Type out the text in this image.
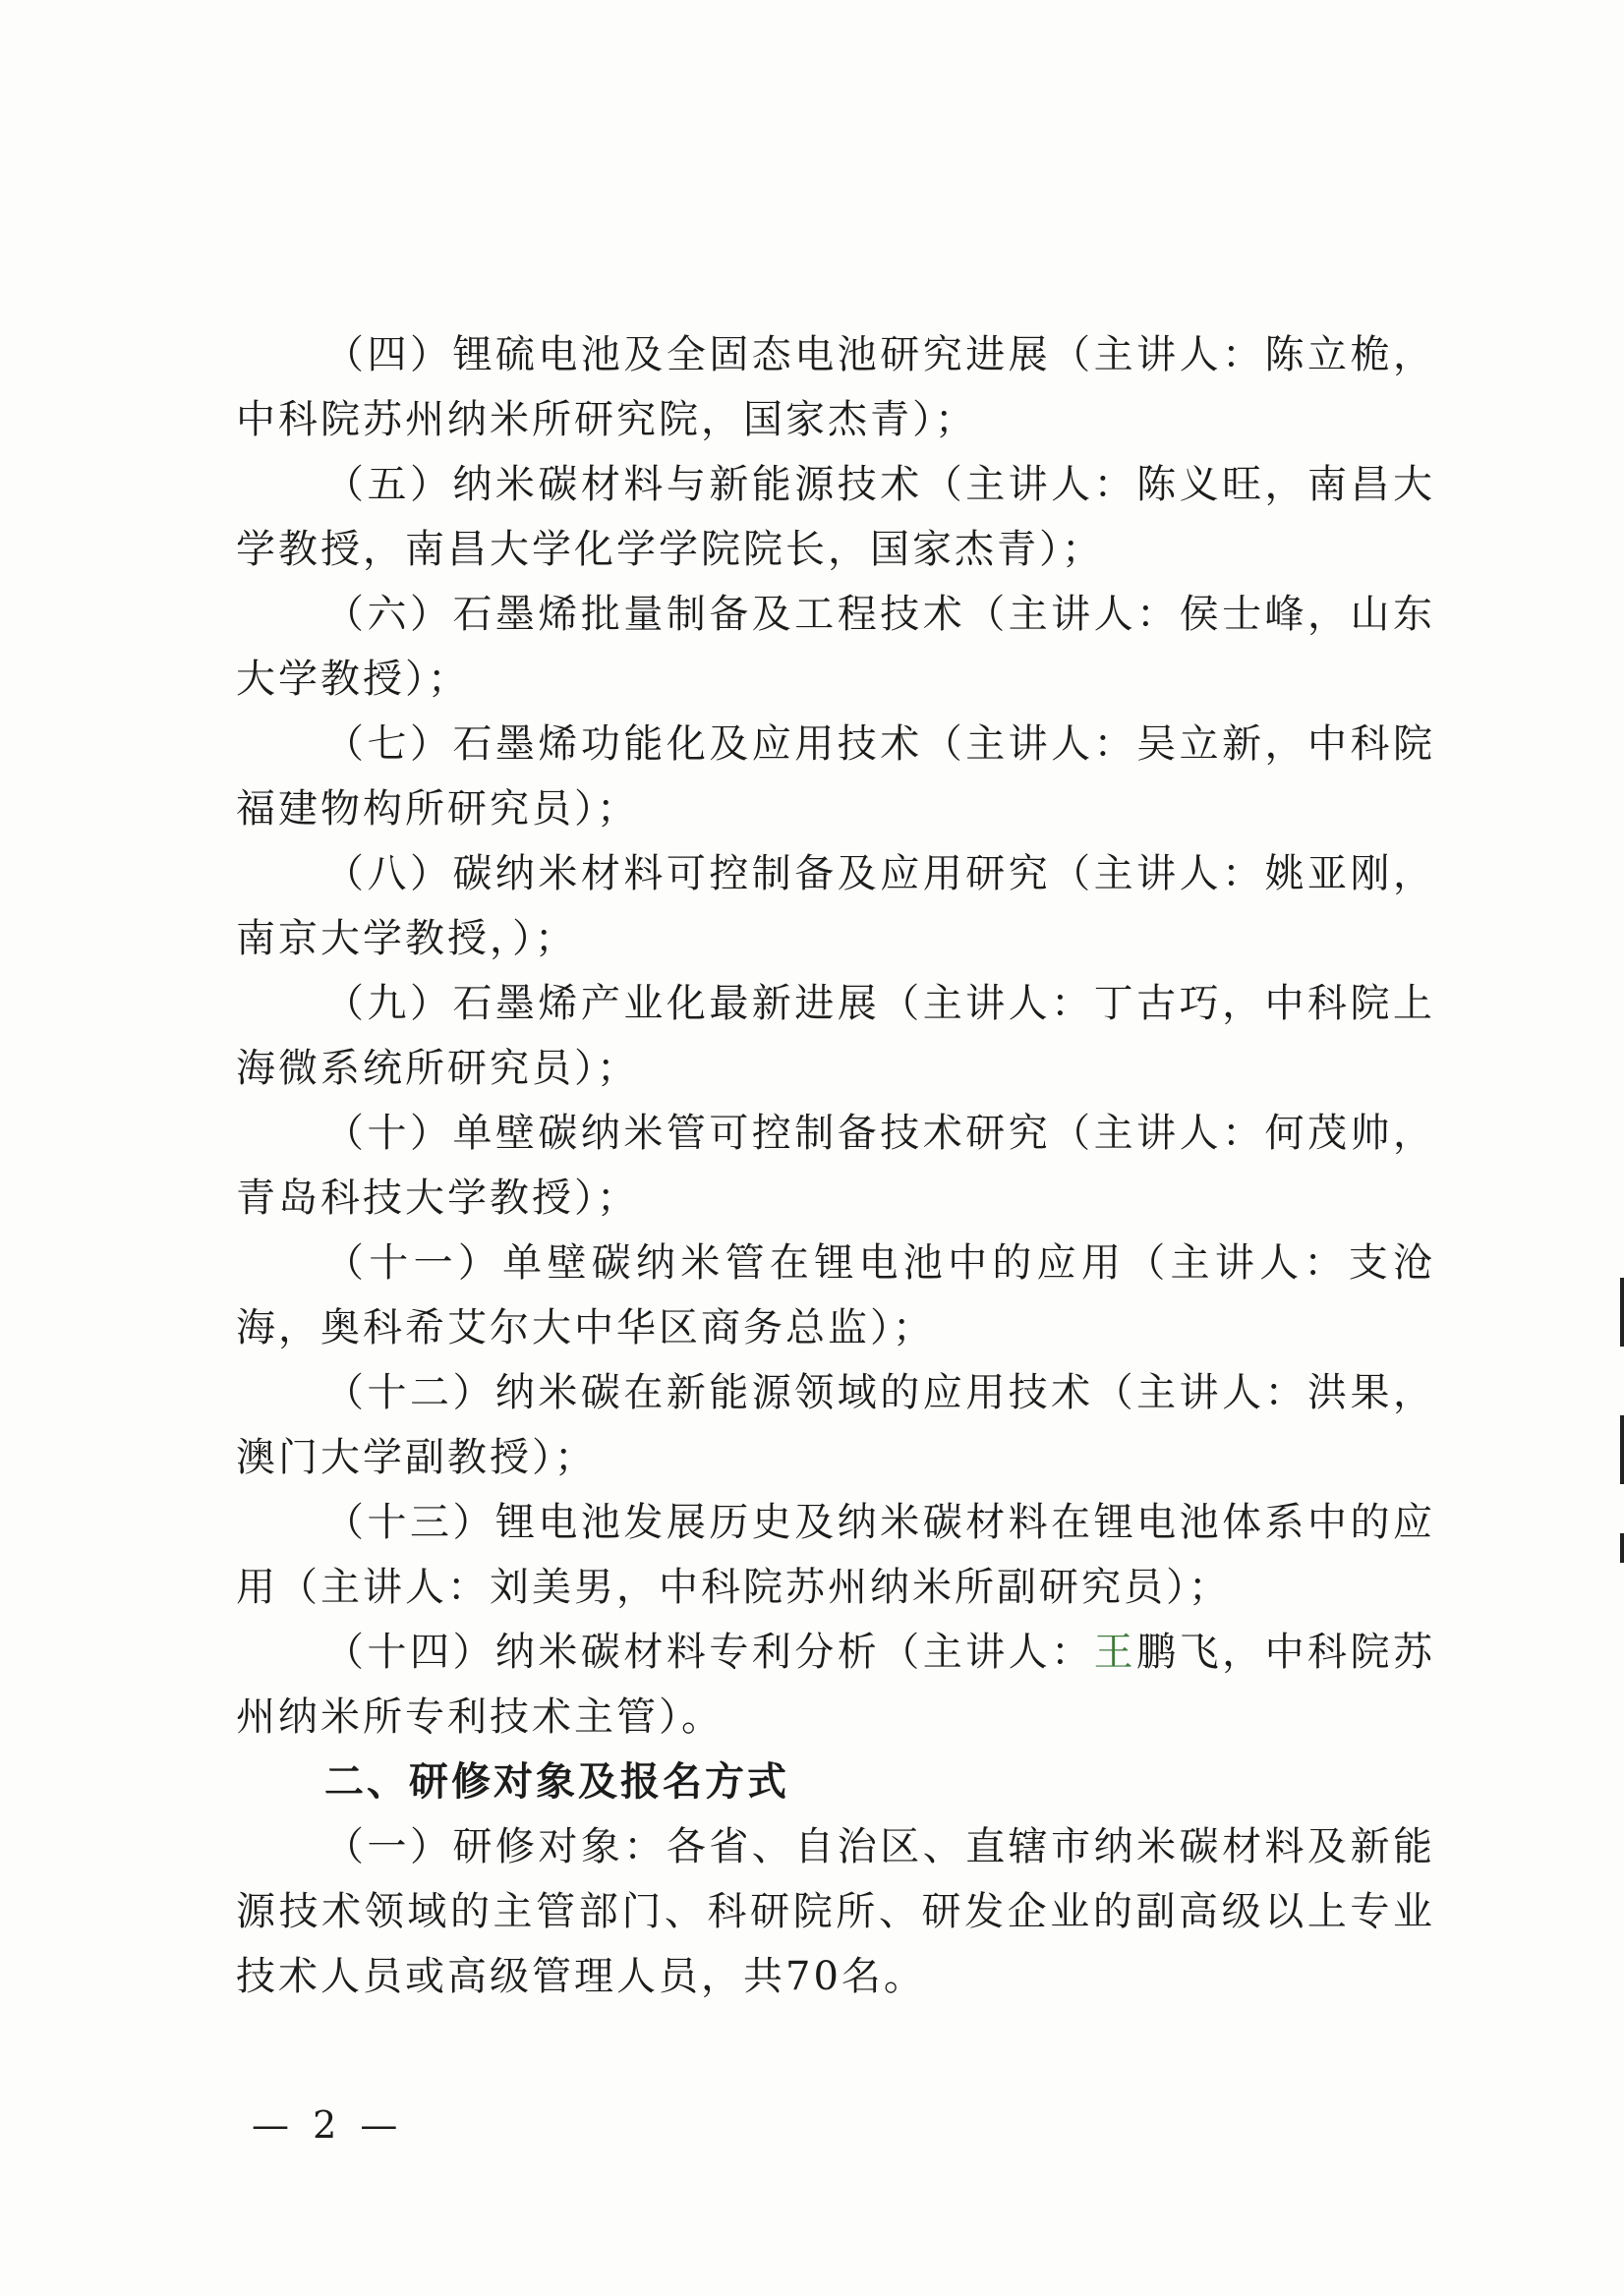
（四）锂硫电池及全固态电池研究进展（主讲人：陈立桅，中科院苏州纳米所研究院，国家杰青）；

（五）纳米碳材料与新能源技术（主讲人：陈义旺，南昌大学教授，南昌大学化学学院院长，国家杰青）；

（六）石墨烯批量制备及工程技术（主讲人：侯士峰，山东大学教授）；

（七）石墨烯功能化及应用技术（主讲人：吴立新，中科院福建物构所研究员）；

（八）碳纳米材料可控制备及应用研究（主讲人：姚亚刚，南京大学教授，）；

（九）石墨烯产业化最新进展（主讲人：丁古巧，中科院上海微系统所研究员）；

（十）单壁碳纳米管可控制备技术研究（主讲人：何茂帅，青岛科技大学教授）；

（十一）单壁碳纳米管在锂电池中的应用（主讲人：支沧海，奥科希艾尔大中华区商务总监）；

（十二）纳米碳在新能源领域的应用技术（主讲人：洪果，澳门大学副教授）；

（十三）锂电池发展历史及纳米碳材料在锂电池体系中的应用（主讲人：刘美男，中科院苏州纳米所副研究员）；

（十四）纳米碳材料专利分析（主讲人：王鹏飞，中科院苏州纳米所专利技术主管）。

二、研修对象及报名方式

（一）研修对象：各省、自治区、直辖市纳米碳材料及新能源技术领域的主管部门、科研院所、研发企业的副高级以上专业技术人员或高级管理人员，共70名。

— 2 —
